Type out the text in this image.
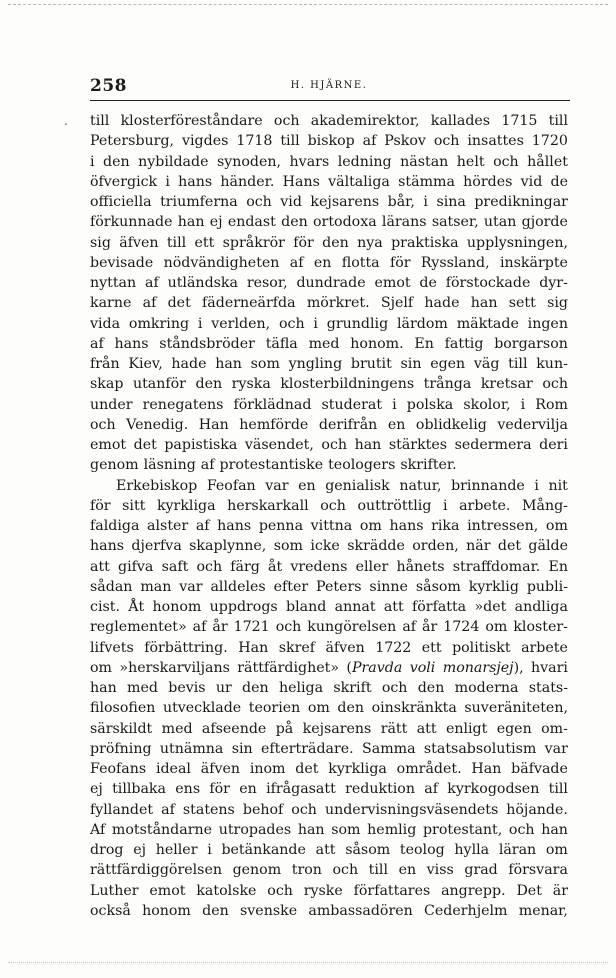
258	H. HJÄRNE.
. till klosterföreståndare och akademirektor, kallades 1715 till
Petersburg, vigdes 1718 till biskop af Pskov och insattes 1720
i den nybildade synoden, hvars ledning nästan helt och hållet
öfvergick i hans händer. Hans vältaliga stämma hördes vid de
officiella triumferna och vid kejsarens bår, i sina predikningar
förkunnade han ej endast den ortodoxa lärans satser, utan gjorde
sig äfven till ett språkrör för den nya praktiska upplysningen,
bevisade nödvändigheten af en flotta för Ryssland, inskärpte
nyttan af utländska resor, dundrade emot de förstockade dyr-
karne af det fäderneärfda mörkret. Sjelf hade han sett sig
vida omkring i verlden, och i grundlig lärdom mäktade ingen
af hans ståndsbröder täfla med honom. En fattig borgarson
från Kiev, hade han som yngling brutit sin egen väg till kun-
skap utanför den ryska klosterbildningens trånga kretsar och
under renegatens förklädnad studerat i polska skolor, i Rom
och Venedig. Han hemförde derifrån en oblidkelig vedervilja
emot det papistiska väsendet, och han stärktes sedermera deri
genom läsning af protestantiske teologers skrifter.
Erkebiskop Feofan var en genialisk natur, brinnande i nit
för sitt kyrkliga herskarkall och outtröttlig i arbete. Mång-
faldiga alster af hans penna vittna om hans rika intressen, om
hans djerfva skaplynne, som icke skrädde orden, när det gälde
att gifva saft och färg åt vredens eller hånets straffdomar. En
sådan man var alldeles efter Peters sinne såsom kyrklig publi-
cist. Åt honom uppdrogs bland annat att författa »det andliga
reglementet» af år 1721 och kungörelsen af år 1724 om kloster-
lifvets förbättring. Han skref äfven 1722 ett politiskt arbete
om »herskarviljans rättfärdighet» (Pravda voli monarsjej), hvari
han med bevis ur den heliga skrift och den moderna stats-
filosofien utvecklade teorien om den oinskränkta suveräniteten,
särskildt med afseende på kejsarens rätt att enligt egen om-
pröfning utnämna sin efterträdare. Samma statsabsolutism var
Feofans ideal äfven inom det kyrkliga området. Han bäfvade
ej tillbaka ens för en ifrågasatt reduktion af kyrkogodsen till
fyllandet af statens behof och undervisningsväsendets höjande.
Af motståndarne utropades han som hemlig protestant, och han
drog ej heller i betänkande att såsom teolog hylla läran om
rättfärdiggörelsen genom tron och till en viss grad försvara
Luther emot katolske och ryske författares angrepp. Det är
också honom den svenske ambassadören Cederhjelm menar,
